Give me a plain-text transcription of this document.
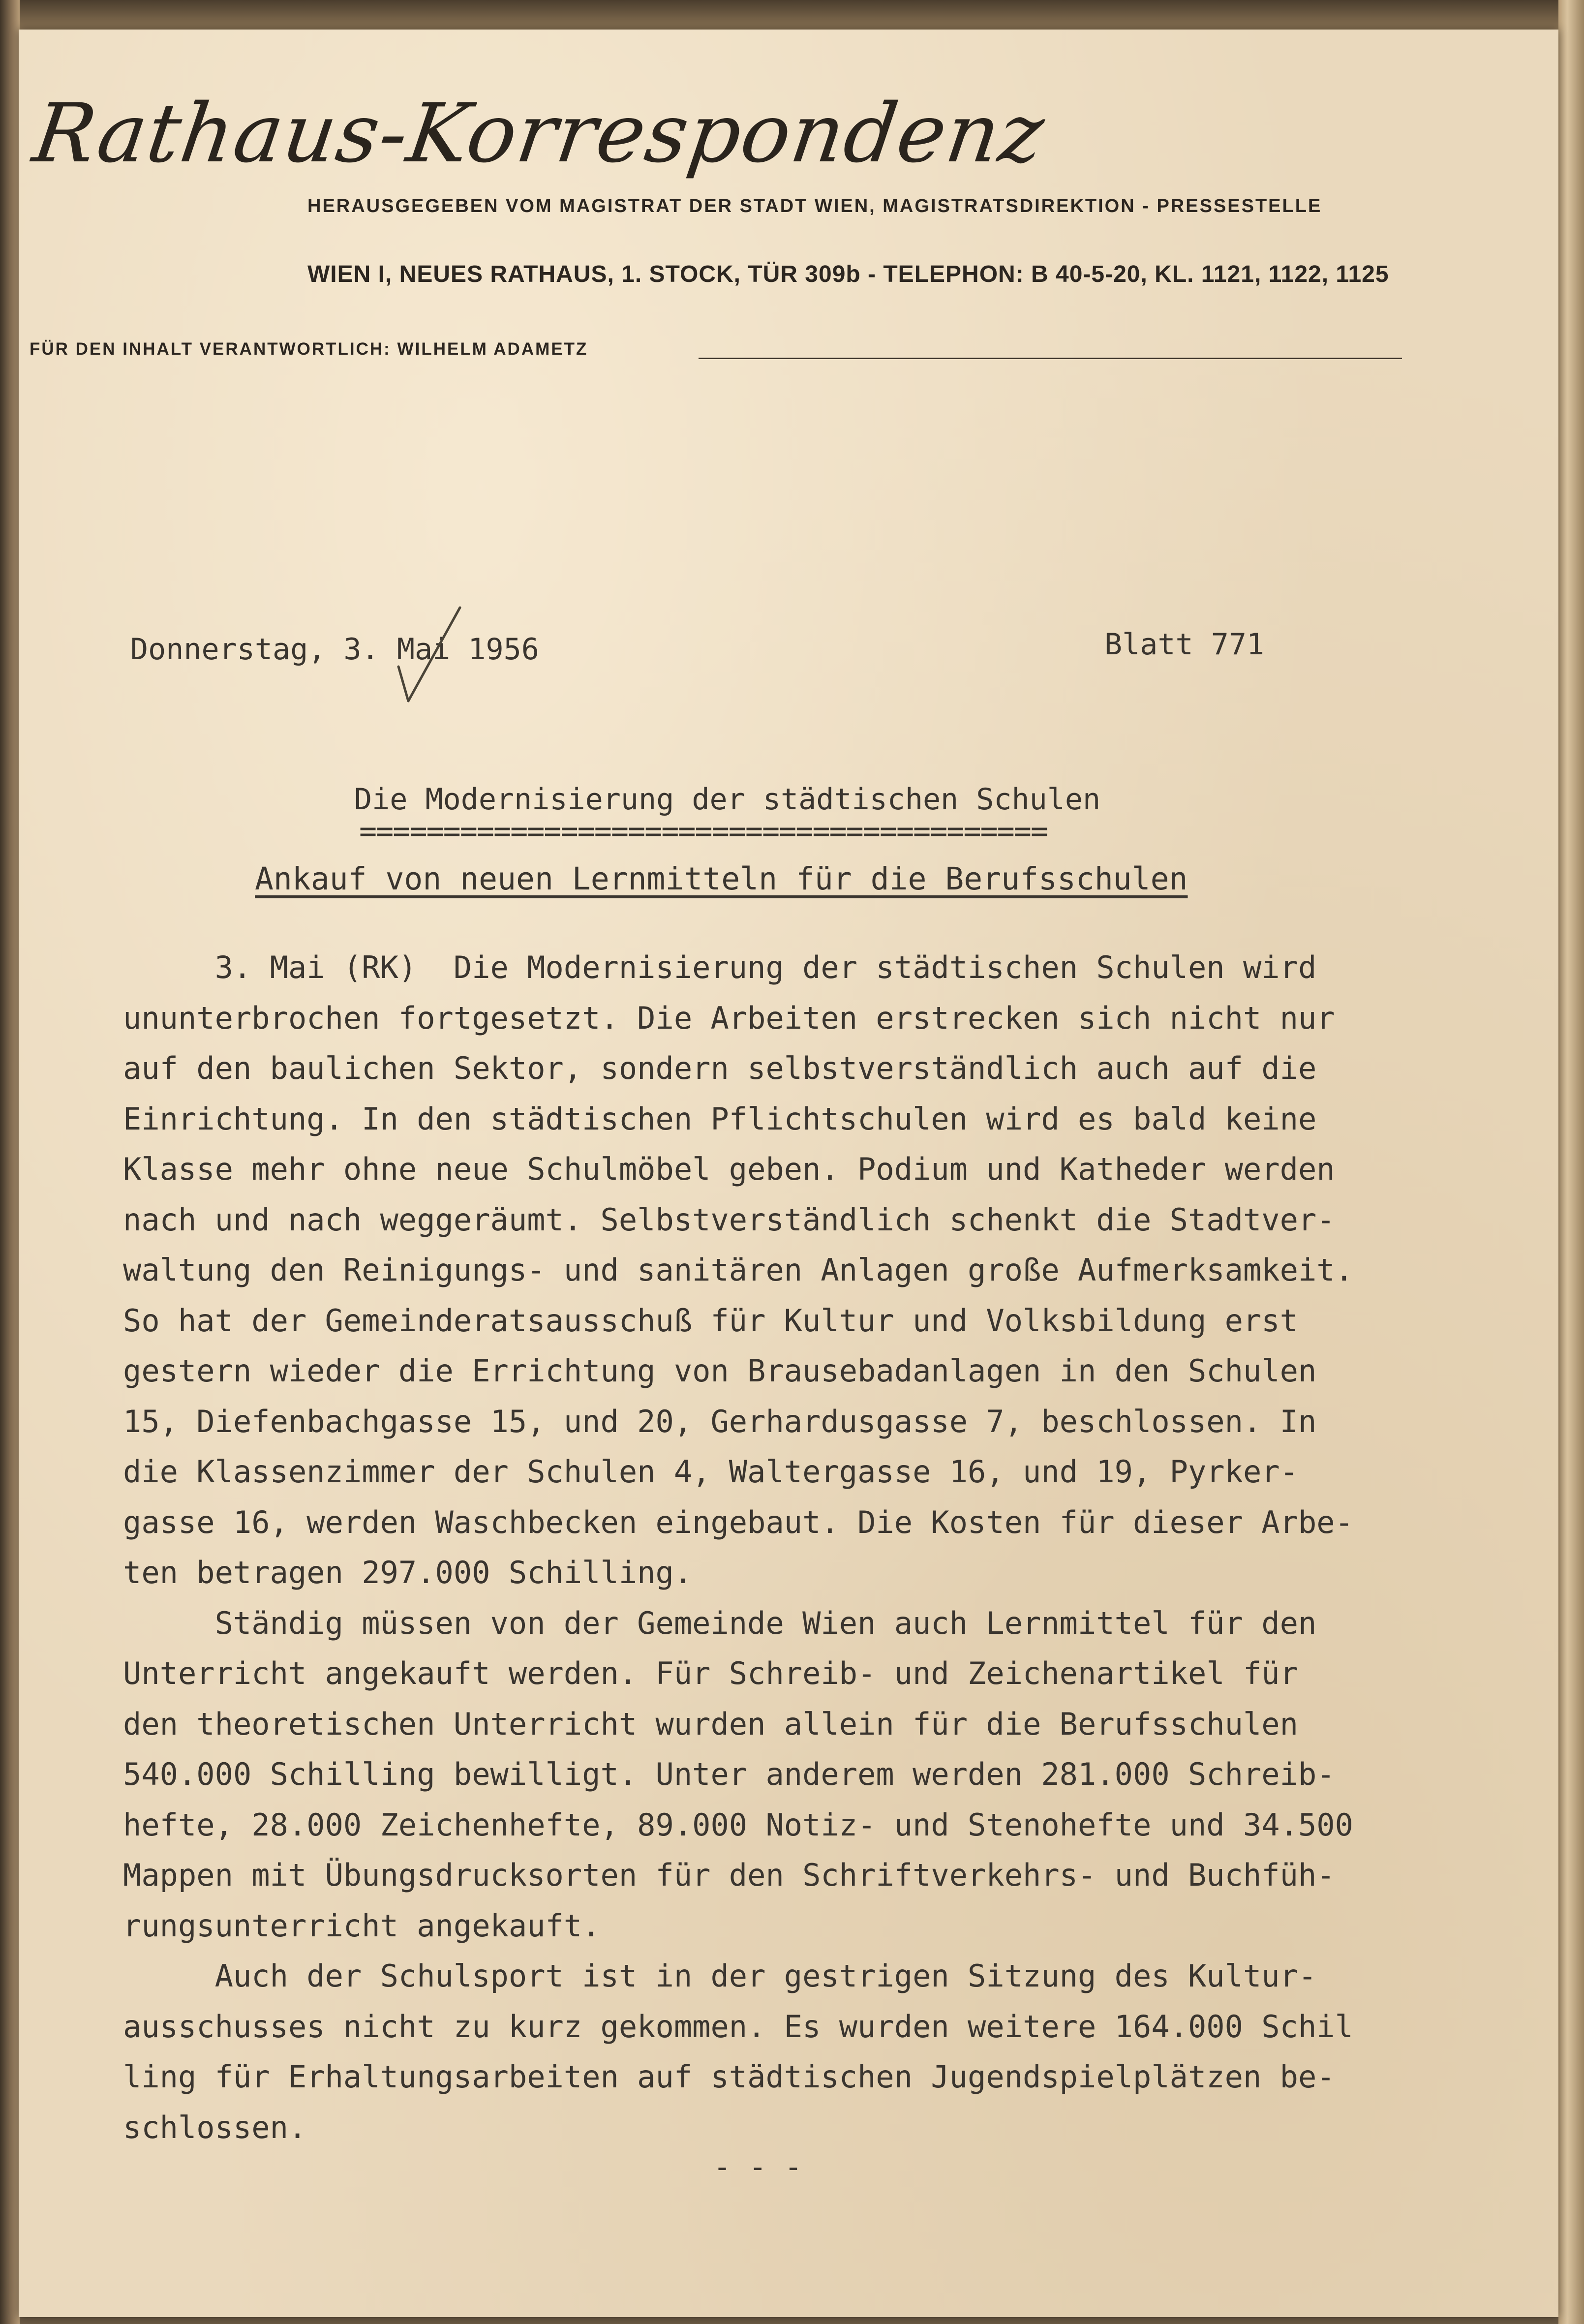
Rathaus-Korrespondenz
HERAUSGEGEBEN VOM MAGISTRAT DER STADT WIEN, MAGISTRATSDIREKTION - PRESSESTELLE
WIEN I, NEUES RATHAUS, 1. STOCK, TÜR 309b - TELEPHON: B 40-5-20, KL. 1121, 1122, 1125
FÜR DEN INHALT VERANTWORTLICH: WILHELM ADAMETZ
Donnerstag, 3. Mai 1956	Blatt 771
Die Modernisierung der städtischen Schulen
=========================================
Ankauf von neuen Lernmitteln für die Berufsschulen
3. Mai (RK)  Die Modernisierung der städtischen Schulen wird
ununterbrochen fortgesetzt. Die Arbeiten erstrecken sich nicht nur
auf den baulichen Sektor, sondern selbstverständlich auch auf die
Einrichtung. In den städtischen Pflichtschulen wird es bald keine
Klasse mehr ohne neue Schulmöbel geben. Podium und Katheder werden
nach und nach weggeräumt. Selbstverständlich schenkt die Stadtver-
waltung den Reinigungs- und sanitären Anlagen große Aufmerksamkeit.
So hat der Gemeinderatsausschuß für Kultur und Volksbildung erst
gestern wieder die Errichtung von Brausebadanlagen in den Schulen
15, Diefenbachgasse 15, und 20, Gerhardusgasse 7, beschlossen. In
die Klassenzimmer der Schulen 4, Waltergasse 16, und 19, Pyrker-
gasse 16, werden Waschbecken eingebaut. Die Kosten für dieser Arbe-
ten betragen 297.000 Schilling.
Ständig müssen von der Gemeinde Wien auch Lernmittel für den
Unterricht angekauft werden. Für Schreib- und Zeichenartikel für
den theoretischen Unterricht wurden allein für die Berufsschulen
540.000 Schilling bewilligt. Unter anderem werden 281.000 Schreib-
hefte, 28.000 Zeichenhefte, 89.000 Notiz- und Stenohefte und 34.500
Mappen mit Übungsdrucksorten für den Schriftverkehrs- und Buchfüh-
rungsunterricht angekauft.
Auch der Schulsport ist in der gestrigen Sitzung des Kultur-
ausschusses nicht zu kurz gekommen. Es wurden weitere 164.000 Schil
ling für Erhaltungsarbeiten auf städtischen Jugendspielplätzen be-
schlossen.
- - -
